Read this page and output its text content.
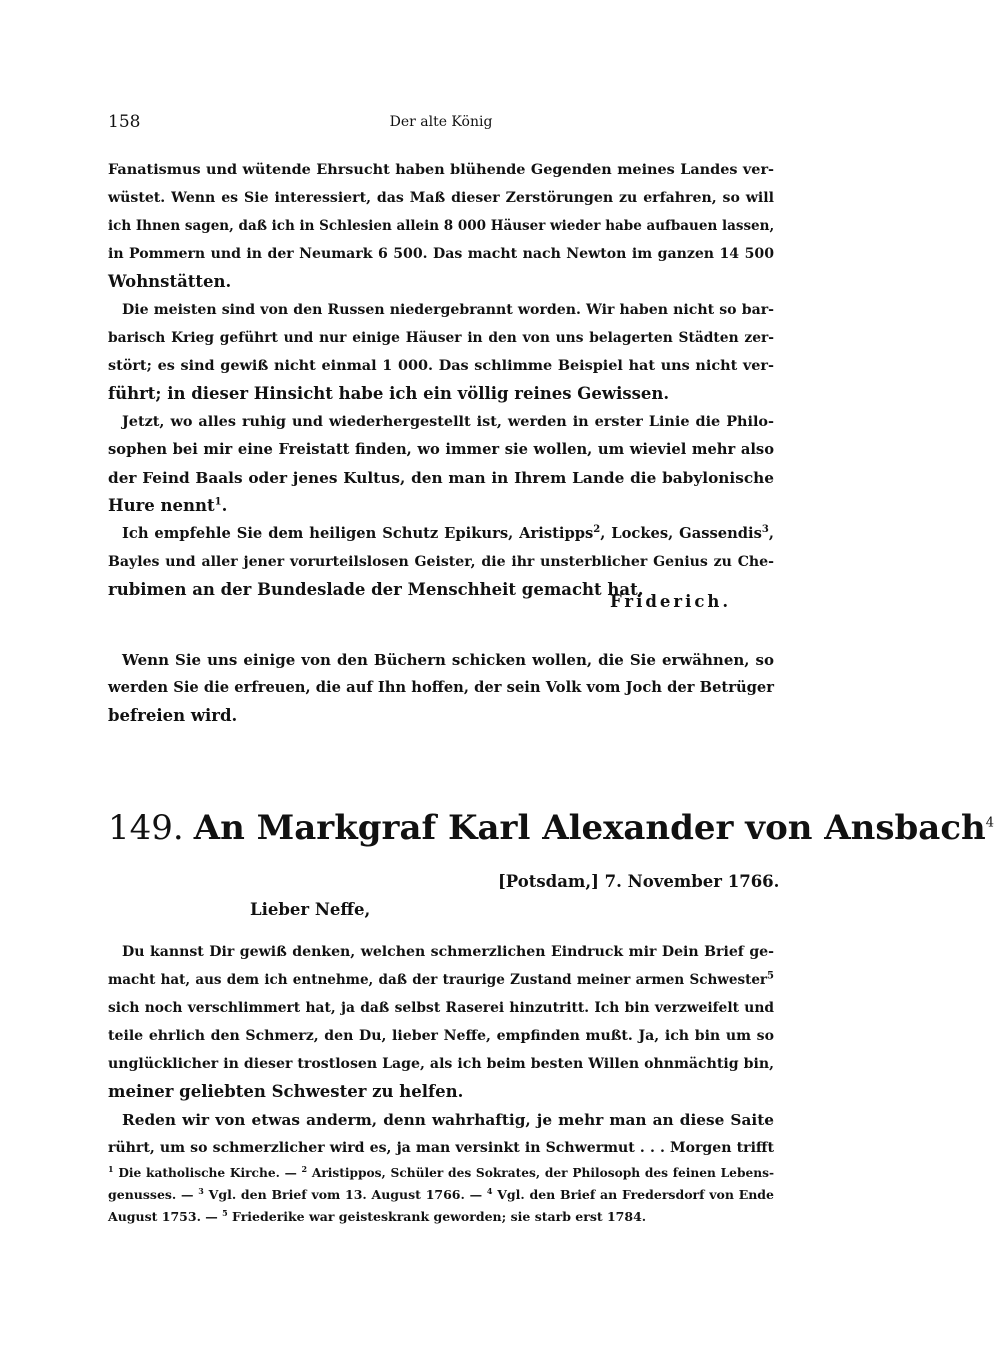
158	Der alte König
Fanatismus und wütende Ehrsucht haben blühende Gegenden meines Landes ver-
wüstet. Wenn es Sie interessiert, das Maß dieser Zerstörungen zu erfahren, so will
ich Ihnen sagen, daß ich in Schlesien allein 8 000 Häuser wieder habe aufbauen lassen,
in Pommern und in der Neumark 6 500. Das macht nach Newton im ganzen 14 500
Wohnstätten.
Die meisten sind von den Russen niedergebrannt worden. Wir haben nicht so bar-
barisch Krieg geführt und nur einige Häuser in den von uns belagerten Städten zer-
stört; es sind gewiß nicht einmal 1 000. Das schlimme Beispiel hat uns nicht ver-
führt; in dieser Hinsicht habe ich ein völlig reines Gewissen.
Jetzt, wo alles ruhig und wiederhergestellt ist, werden in erster Linie die Philo-
sophen bei mir eine Freistatt finden, wo immer sie wollen, um wieviel mehr also
der Feind Baals oder jenes Kultus, den man in Ihrem Lande die babylonische
Hure nennt$^1$.
Ich empfehle Sie dem heiligen Schutz Epikurs, Aristipps$^2$, Lockes, Gassendis$^3$,
Bayles und aller jener vorurteilslosen Geister, die ihr unsterblicher Genius zu Che-
rubimen an der Bundeslade der Menschheit gemacht hat.
Friderich.
Wenn Sie uns einige von den Büchern schicken wollen, die Sie erwähnen, so
werden Sie die erfreuen, die auf Ihn hoffen, der sein Volk vom Joch der Betrüger
befreien wird.
149. An Markgraf Karl Alexander von Ansbach$^4$
[Potsdam,] 7. November 1766.
Lieber Neffe,
Du kannst Dir gewiß denken, welchen schmerzlichen Eindruck mir Dein Brief ge-
macht hat, aus dem ich entnehme, daß der traurige Zustand meiner armen Schwester$^5$
sich noch verschlimmert hat, ja daß selbst Raserei hinzutritt. Ich bin verzweifelt und
teile ehrlich den Schmerz, den Du, lieber Neffe, empfinden mußt. Ja, ich bin um so
unglücklicher in dieser trostlosen Lage, als ich beim besten Willen ohnmächtig bin,
meiner geliebten Schwester zu helfen.
Reden wir von etwas anderm, denn wahrhaftig, je mehr man an diese Saite
rührt, um so schmerzlicher wird es, ja man versinkt in Schwermut . . . Morgen trifft
$^1$ Die katholische Kirche. — $^2$ Aristippos, Schüler des Sokrates, der Philosoph des feinen Lebens-
genusses. — $^3$ Vgl. den Brief vom 13. August 1766. — $^4$ Vgl. den Brief an Fredersdorf von Ende
August 1753. — $^5$ Friederike war geisteskrank geworden; sie starb erst 1784.
